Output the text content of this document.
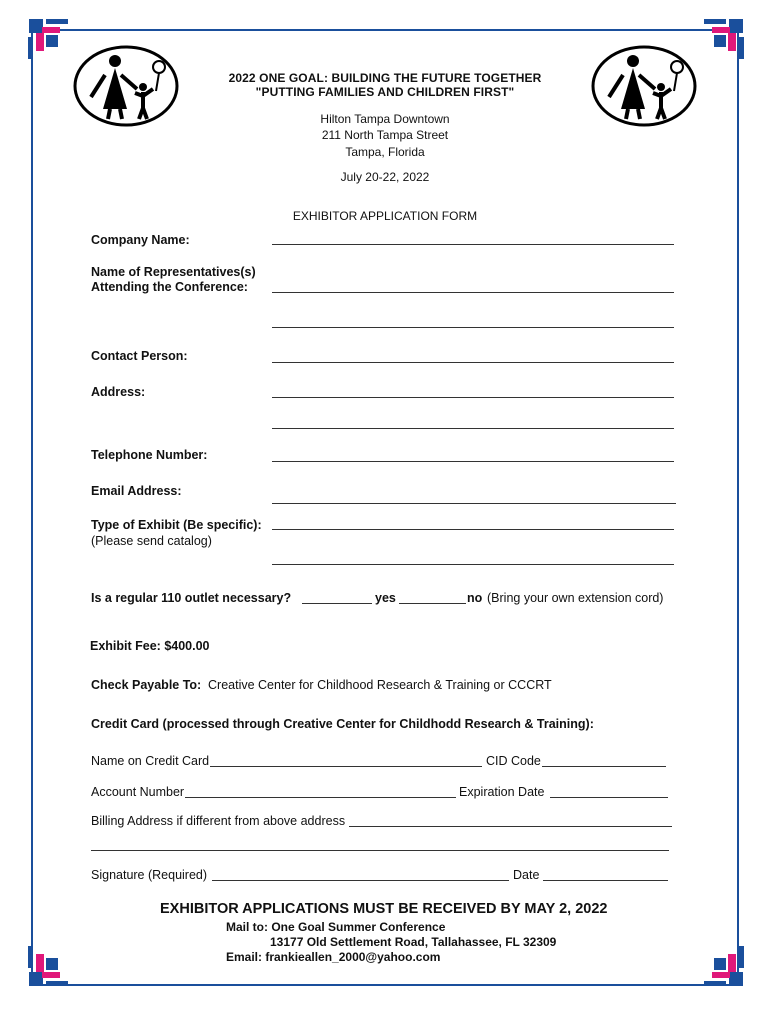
2022 ONE GOAL: BUILDING THE FUTURE TOGETHER
"PUTTING FAMILIES AND CHILDREN FIRST"
Hilton Tampa Downtown
211 North Tampa Street
Tampa, Florida
July 20-22, 2022
EXHIBITOR APPLICATION FORM
Company Name:
Name of Representatives(s)
Attending the Conference:
Contact Person:
Address:
Telephone Number:
Email Address:
Type of Exhibit (Be specific):
(Please send catalog)
Is a regular 110 outlet necessary?	yes	no (Bring your own extension cord)
Exhibit Fee: $400.00
Check Payable To: Creative Center for Childhood Research & Training or CCCRT
Credit Card (processed through Creative Center for Childhodd Research & Training):
Name on Credit Card	CID Code
Account Number	Expiration Date
Billing Address if different from above address
Signature (Required)	Date
EXHIBITOR APPLICATIONS MUST BE RECEIVED BY MAY 2, 2022
Mail to: One Goal Summer Conference
13177 Old Settlement Road, Tallahassee, FL 32309
Email: frankieallen_2000@yahoo.com
